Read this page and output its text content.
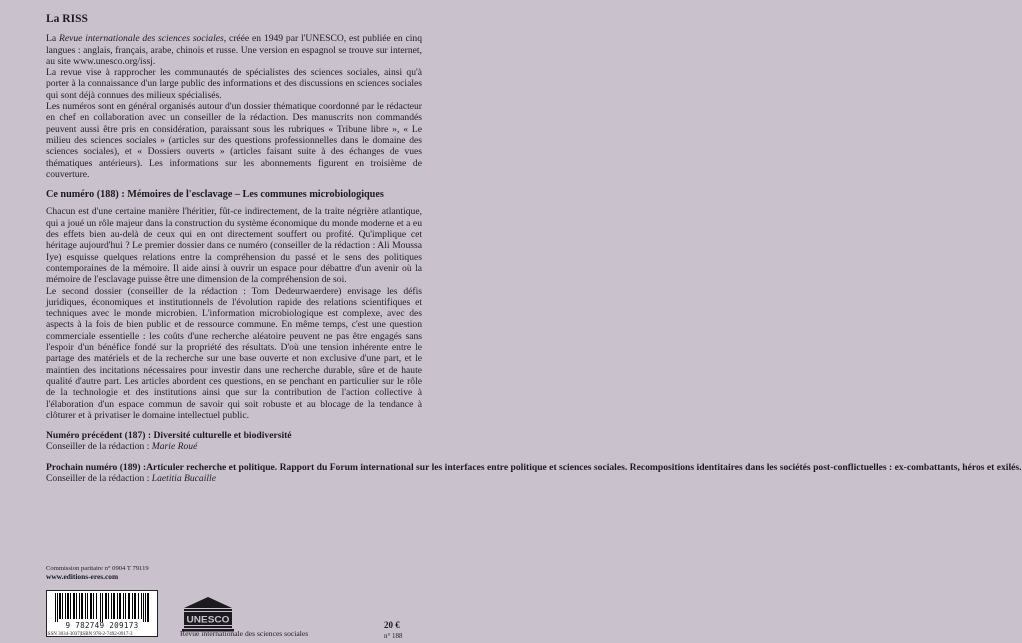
La RISS

La Revue internationale des sciences sociales, créée en 1949 par l'UNESCO, est publiée en cinq langues : anglais, français, arabe, chinois et russe. Une version en espagnol se trouve sur internet, au site www.unesco.org/issj.

La revue vise à rapprocher les communautés de spécialistes des sciences sociales, ainsi qu'à porter à la connaissance d'un large public des informations et des discussions en sciences sociales qui sont déjà connues des milieux spécialisés.

Les numéros sont en général organisés autour d'un dossier thématique coordonné par le rédacteur en chef en collaboration avec un conseiller de la rédaction. Des manuscrits non commandés peuvent aussi être pris en considération, paraissant sous les rubriques « Tribune libre », « Le milieu des sciences sociales » (articles sur des questions professionnelles dans le domaine des sciences sociales), et « Dossiers ouverts » (articles faisant suite à des échanges de vues thématiques antérieurs). Les informations sur les abonnements figurent en troisième de couverture.

Ce numéro (188) : Mémoires de l'esclavage – Les communes microbiologiques

Chacun est d'une certaine manière l'héritier, fût-ce indirectement, de la traite négrière atlantique, qui a joué un rôle majeur dans la construction du système économique du monde moderne et a eu des effets bien au-delà de ceux qui en ont directement souffert ou profité. Qu'implique cet héritage aujourd'hui ? Le premier dossier dans ce numéro (conseiller de la rédaction : Ali Moussa Iye) esquisse quelques relations entre la compréhension du passé et le sens des politiques contemporaines de la mémoire. Il aide ainsi à ouvrir un espace pour débattre d'un avenir où la mémoire de l'esclavage puisse être une dimension de la compréhension de soi.

Le second dossier (conseiller de la rédaction : Tom Dedeurwaerdere) envisage les défis juridiques, économiques et institutionnels de l'évolution rapide des relations scientifiques et techniques avec le monde microbien. L'information microbiologique est complexe, avec des aspects à la fois de bien public et de ressource commune. En même temps, c'est une question commerciale essentielle : les coûts d'une recherche aléatoire peuvent ne pas être engagés sans l'espoir d'un bénéfice fondé sur la propriété des résultats. D'où une tension inhérente entre le partage des matériels et de la recherche sur une base ouverte et non exclusive d'une part, et le maintien des incitations nécessaires pour investir dans une recherche durable, sûre et de haute qualité d'autre part. Les articles abordent ces questions, en se penchant en particulier sur le rôle de la technologie et des institutions ainsi que sur la contribution de l'action collective à l'élaboration d'un espace commun de savoir qui soit robuste et au blocage de la tendance à clôturer et à privatiser le domaine intellectuel public.

Numéro précédent (187) : Diversité culturelle et biodiversité
Conseiller de la rédaction : Marie Roué
Prochain numéro (189) : Articuler recherche et politique. Rapport du Forum international sur les interfaces entre politique et sciences sociales. Recompositions identitaires dans les sociétés post-conflictuelles : ex-combattants, héros et exilés.
Conseiller de la rédaction : Laetitia Bucaille
Commission paritaire n° 0904 T 79119
www.editions-eres.com
9 782749 209173
ISSN 3034-3037|ISBN 978-2-7492-0917-3
UNESCO
Revue internationale des sciences sociales
20 €
n° 188
